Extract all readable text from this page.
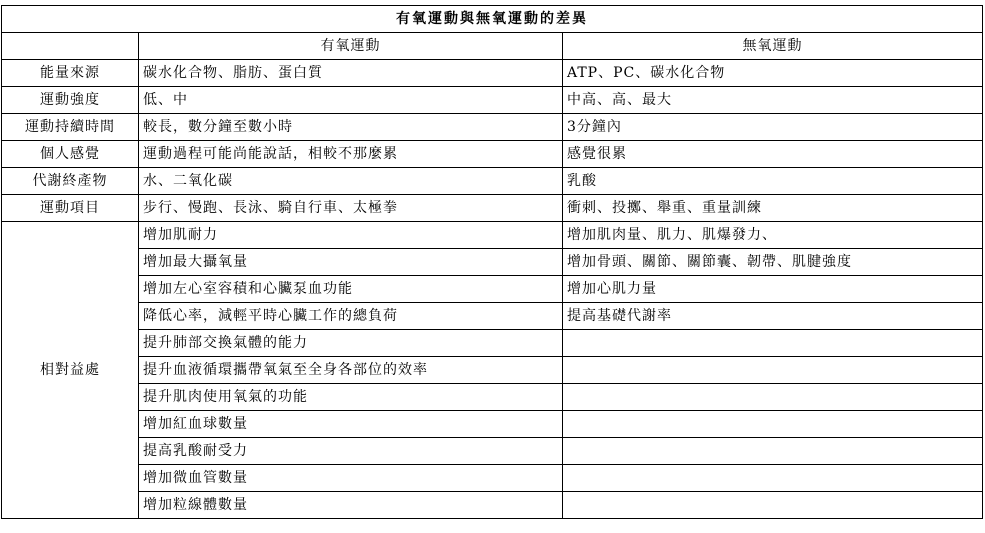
有氧運動與無氧運動的差異		
	有氧運動	無氧運動
能量來源	碳水化合物、脂肪、蛋白質	ATP、PC、碳水化合物
運動強度	低、中	中高、高、最大
運動持續時間	較長，數分鐘至數小時	3分鐘內
個人感覺	運動過程可能尚能說話，相較不那麼累	感覺很累
代謝終產物	水、二氧化碳	乳酸
運動項目	步行、慢跑、長泳、騎自行車、太極拳	衝刺、投擲、舉重、重量訓練
相對益處	增加肌耐力	增加肌肉量、肌力、肌爆發力、
	增加最大攝氧量	增加骨頭、關節、關節囊、韌帶、肌腱強度
	增加左心室容積和心臟泵血功能	增加心肌力量
	降低心率，減輕平時心臟工作的總負荷	提高基礎代謝率
	提升肺部交換氣體的能力	
	提升血液循環攜帶氧氣至全身各部位的效率	
	提升肌肉使用氧氣的功能	
	增加紅血球數量	
	提高乳酸耐受力	
	增加微血管數量	
	增加粒線體數量	
